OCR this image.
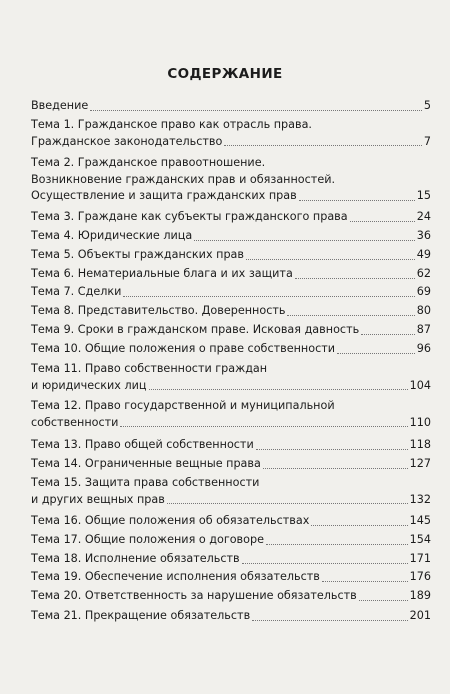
СОДЕРЖАНИЕ
Введение	5
Тема 1. Гражданское право как отрасль права.
Гражданское законодательство	7
Тема 2. Гражданское правоотношение.
Возникновение гражданских прав и обязанностей.
Осуществление и защита гражданских прав	15
Тема 3. Граждане как субъекты гражданского права	24
Тема 4. Юридические лица	36
Тема 5. Объекты гражданских прав	49
Тема 6. Нематериальные блага и их защита	62
Тема 7. Сделки	69
Тема 8. Представительство. Доверенность	80
Тема 9. Сроки в гражданском праве. Исковая давность	87
Тема 10. Общие положения о праве собственности	96
Тема 11. Право собственности граждан
и юридических лиц	104
Тема 12. Право государственной и муниципальной
собственности	110
Тема 13. Право общей собственности	118
Тема 14. Ограниченные вещные права	127
Тема 15. Защита права собственности
и других вещных прав	132
Тема 16. Общие положения об обязательствах	145
Тема 17. Общие положения о договоре	154
Тема 18. Исполнение обязательств	171
Тема 19. Обеспечение исполнения обязательств	176
Тема 20. Ответственность за нарушение обязательств	189
Тема 21. Прекращение обязательств	201
